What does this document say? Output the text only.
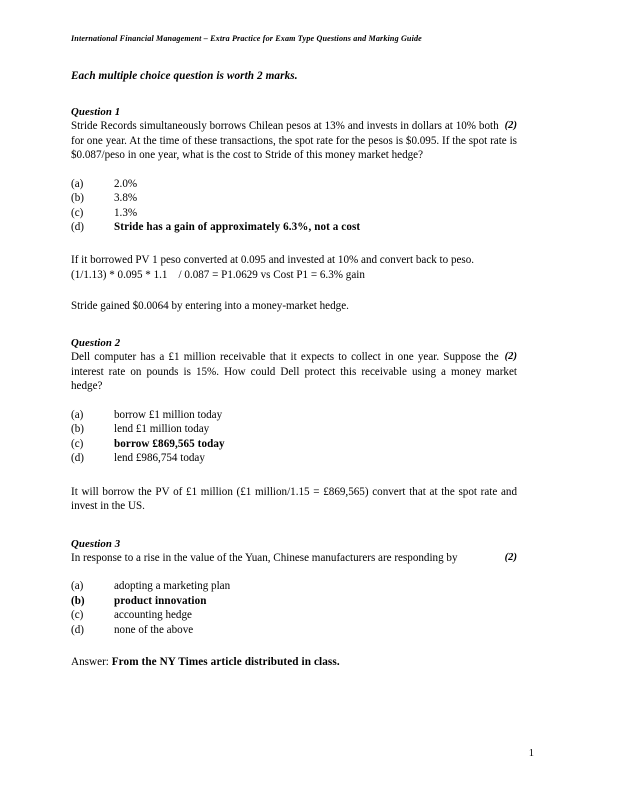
International Financial Management – Extra Practice for Exam Type Questions and Marking Guide
Each multiple choice question is worth 2 marks.
Question 1
(2)
Stride Records simultaneously borrows Chilean pesos at 13% and invests in dollars at 10% both for one year. At the time of these transactions, the spot rate for the pesos is $0.095. If the spot rate is $0.087/peso in one year, what is the cost to Stride of this money market hedge?
(a)	2.0%
(b)	3.8%
(c)	1.3%
(d)	Stride has a gain of approximately 6.3%, not a cost
If it borrowed PV 1 peso converted at 0.095 and invested at 10% and convert back to peso.
(1/1.13) * 0.095 * 1.1    / 0.087 = P1.0629 vs Cost P1 = 6.3% gain
Stride gained $0.0064 by entering into a money-market hedge.
Question 2
(2)
Dell computer has a £1 million receivable that it expects to collect in one year. Suppose the interest rate on pounds is 15%. How could Dell protect this receivable using a money market hedge?
(a)	borrow £1 million today
(b)	lend £1 million today
(c)	borrow £869,565 today
(d)	lend £986,754 today
It will borrow the PV of £1 million (£1 million/1.15 = £869,565) convert that at the spot rate and invest in the US.
Question 3
(2)
In response to a rise in the value of the Yuan, Chinese manufacturers are responding by
(a)	adopting a marketing plan
(b)	product innovation
(c)	accounting hedge
(d)	none of the above
Answer: From the NY Times article distributed in class.
1
